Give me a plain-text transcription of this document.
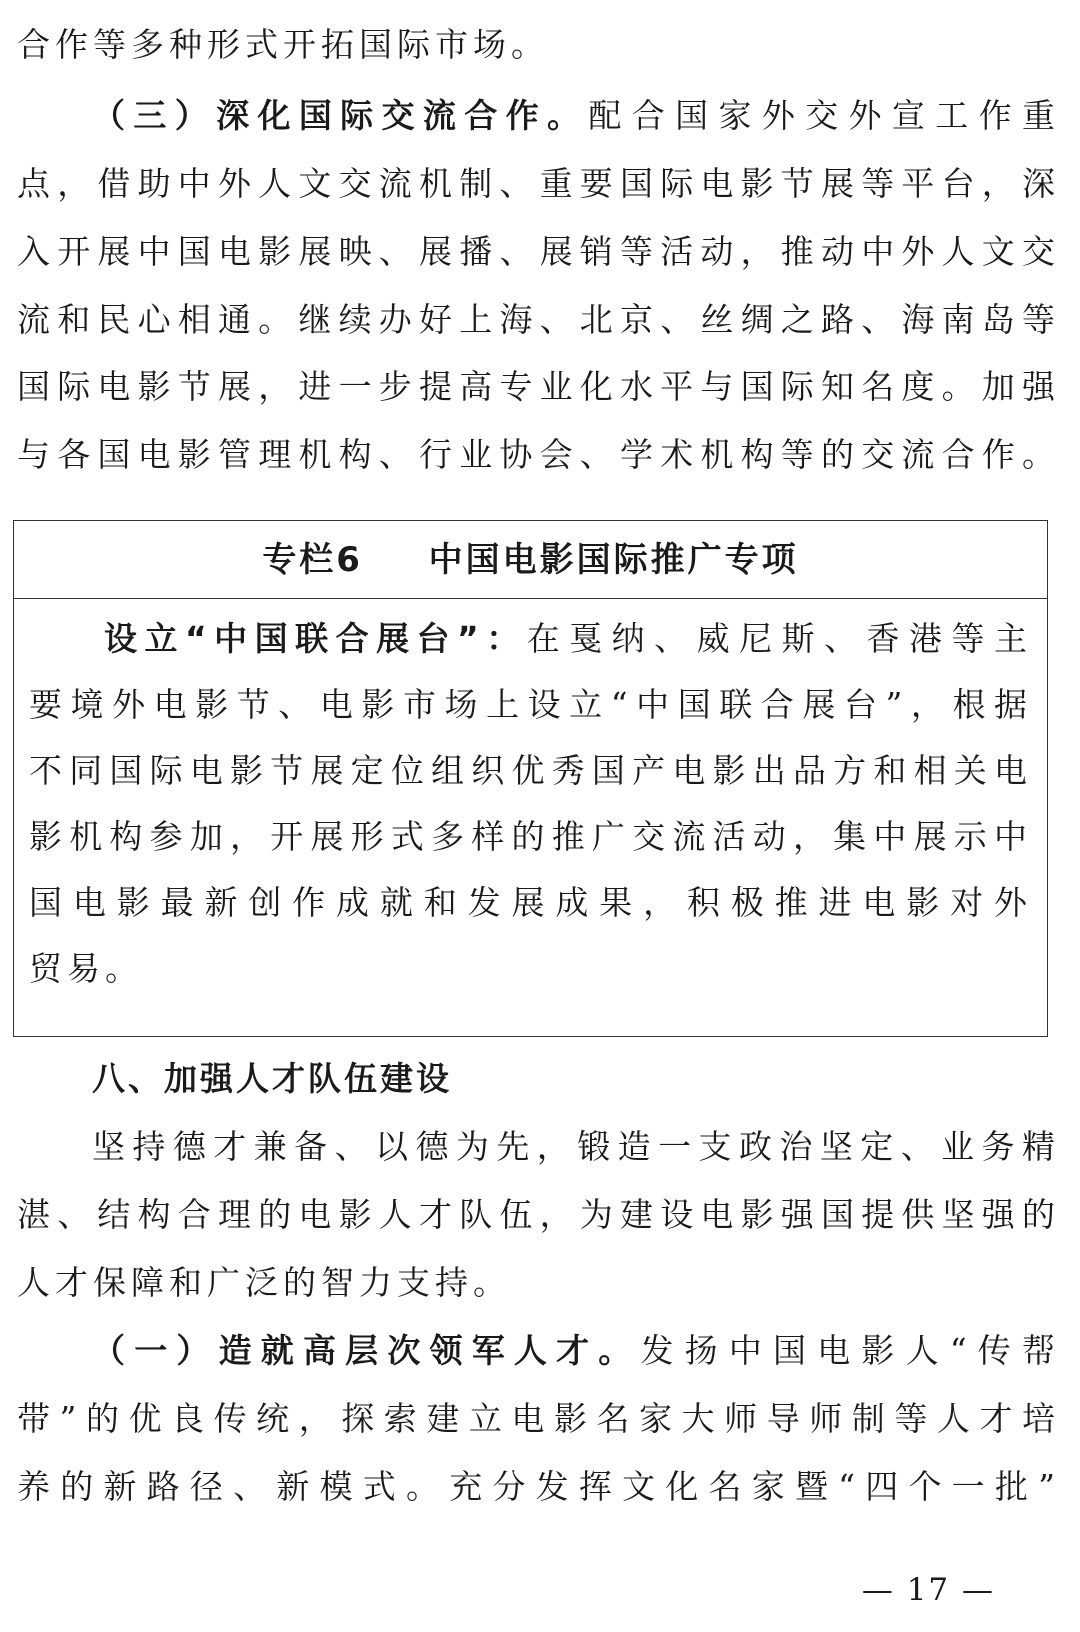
合作等多种形式开拓国际市场。
（三）深化国际交流合作。配合国家外交外宣工作重
点，借助中外人文交流机制、重要国际电影节展等平台，深
入开展中国电影展映、展播、展销等活动，推动中外人文交
流和民心相通。继续办好上海、北京、丝绸之路、海南岛等
国际电影节展，进一步提高专业化水平与国际知名度。加强
与各国电影管理机构、行业协会、学术机构等的交流合作。
专栏6 中国电影国际推广专项
设立“中国联合展台”：在戛纳、威尼斯、香港等主
要境外电影节、电影市场上设立“中国联合展台”，根据
不同国际电影节展定位组织优秀国产电影出品方和相关电
影机构参加，开展形式多样的推广交流活动，集中展示中
国电影最新创作成就和发展成果，积极推进电影对外
贸易。
八、加强人才队伍建设
坚持德才兼备、以德为先，锻造一支政治坚定、业务精
湛、结构合理的电影人才队伍，为建设电影强国提供坚强的
人才保障和广泛的智力支持。
（一）造就高层次领军人才。发扬中国电影人“传帮
带”的优良传统，探索建立电影名家大师导师制等人才培
养的新路径、新模式。充分发挥文化名家暨“四个一批”
— 17 —
